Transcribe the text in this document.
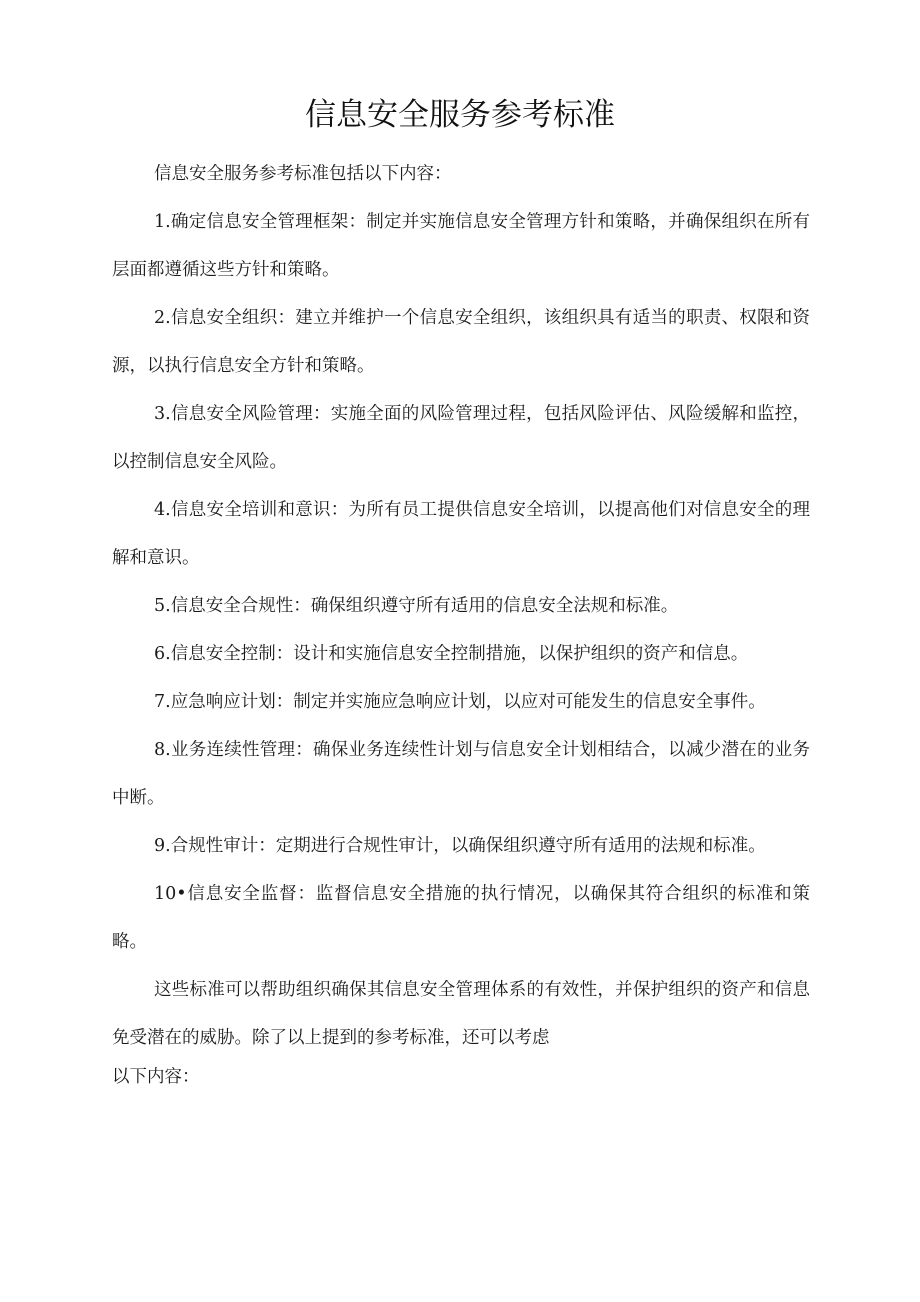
信息安全服务参考标准

信息安全服务参考标准包括以下内容：

1.确定信息安全管理框架：制定并实施信息安全管理方针和策略，并确保组织在所有层面都遵循这些方针和策略。

2.信息安全组织：建立并维护一个信息安全组织，该组织具有适当的职责、权限和资源，以执行信息安全方针和策略。

3.信息安全风险管理：实施全面的风险管理过程，包括风险评估、风险缓解和监控，以控制信息安全风险。

4.信息安全培训和意识：为所有员工提供信息安全培训，以提高他们对信息安全的理解和意识。

5.信息安全合规性：确保组织遵守所有适用的信息安全法规和标准。

6.信息安全控制：设计和实施信息安全控制措施，以保护组织的资产和信息。

7.应急响应计划：制定并实施应急响应计划，以应对可能发生的信息安全事件。

8.业务连续性管理：确保业务连续性计划与信息安全计划相结合，以减少潜在的业务中断。

9.合规性审计：定期进行合规性审计，以确保组织遵守所有适用的法规和标准。

10•信息安全监督：监督信息安全措施的执行情况，以确保其符合组织的标准和策略。

这些标准可以帮助组织确保其信息安全管理体系的有效性，并保护组织的资产和信息免受潜在的威胁。除了以上提到的参考标准，还可以考虑

以下内容：
